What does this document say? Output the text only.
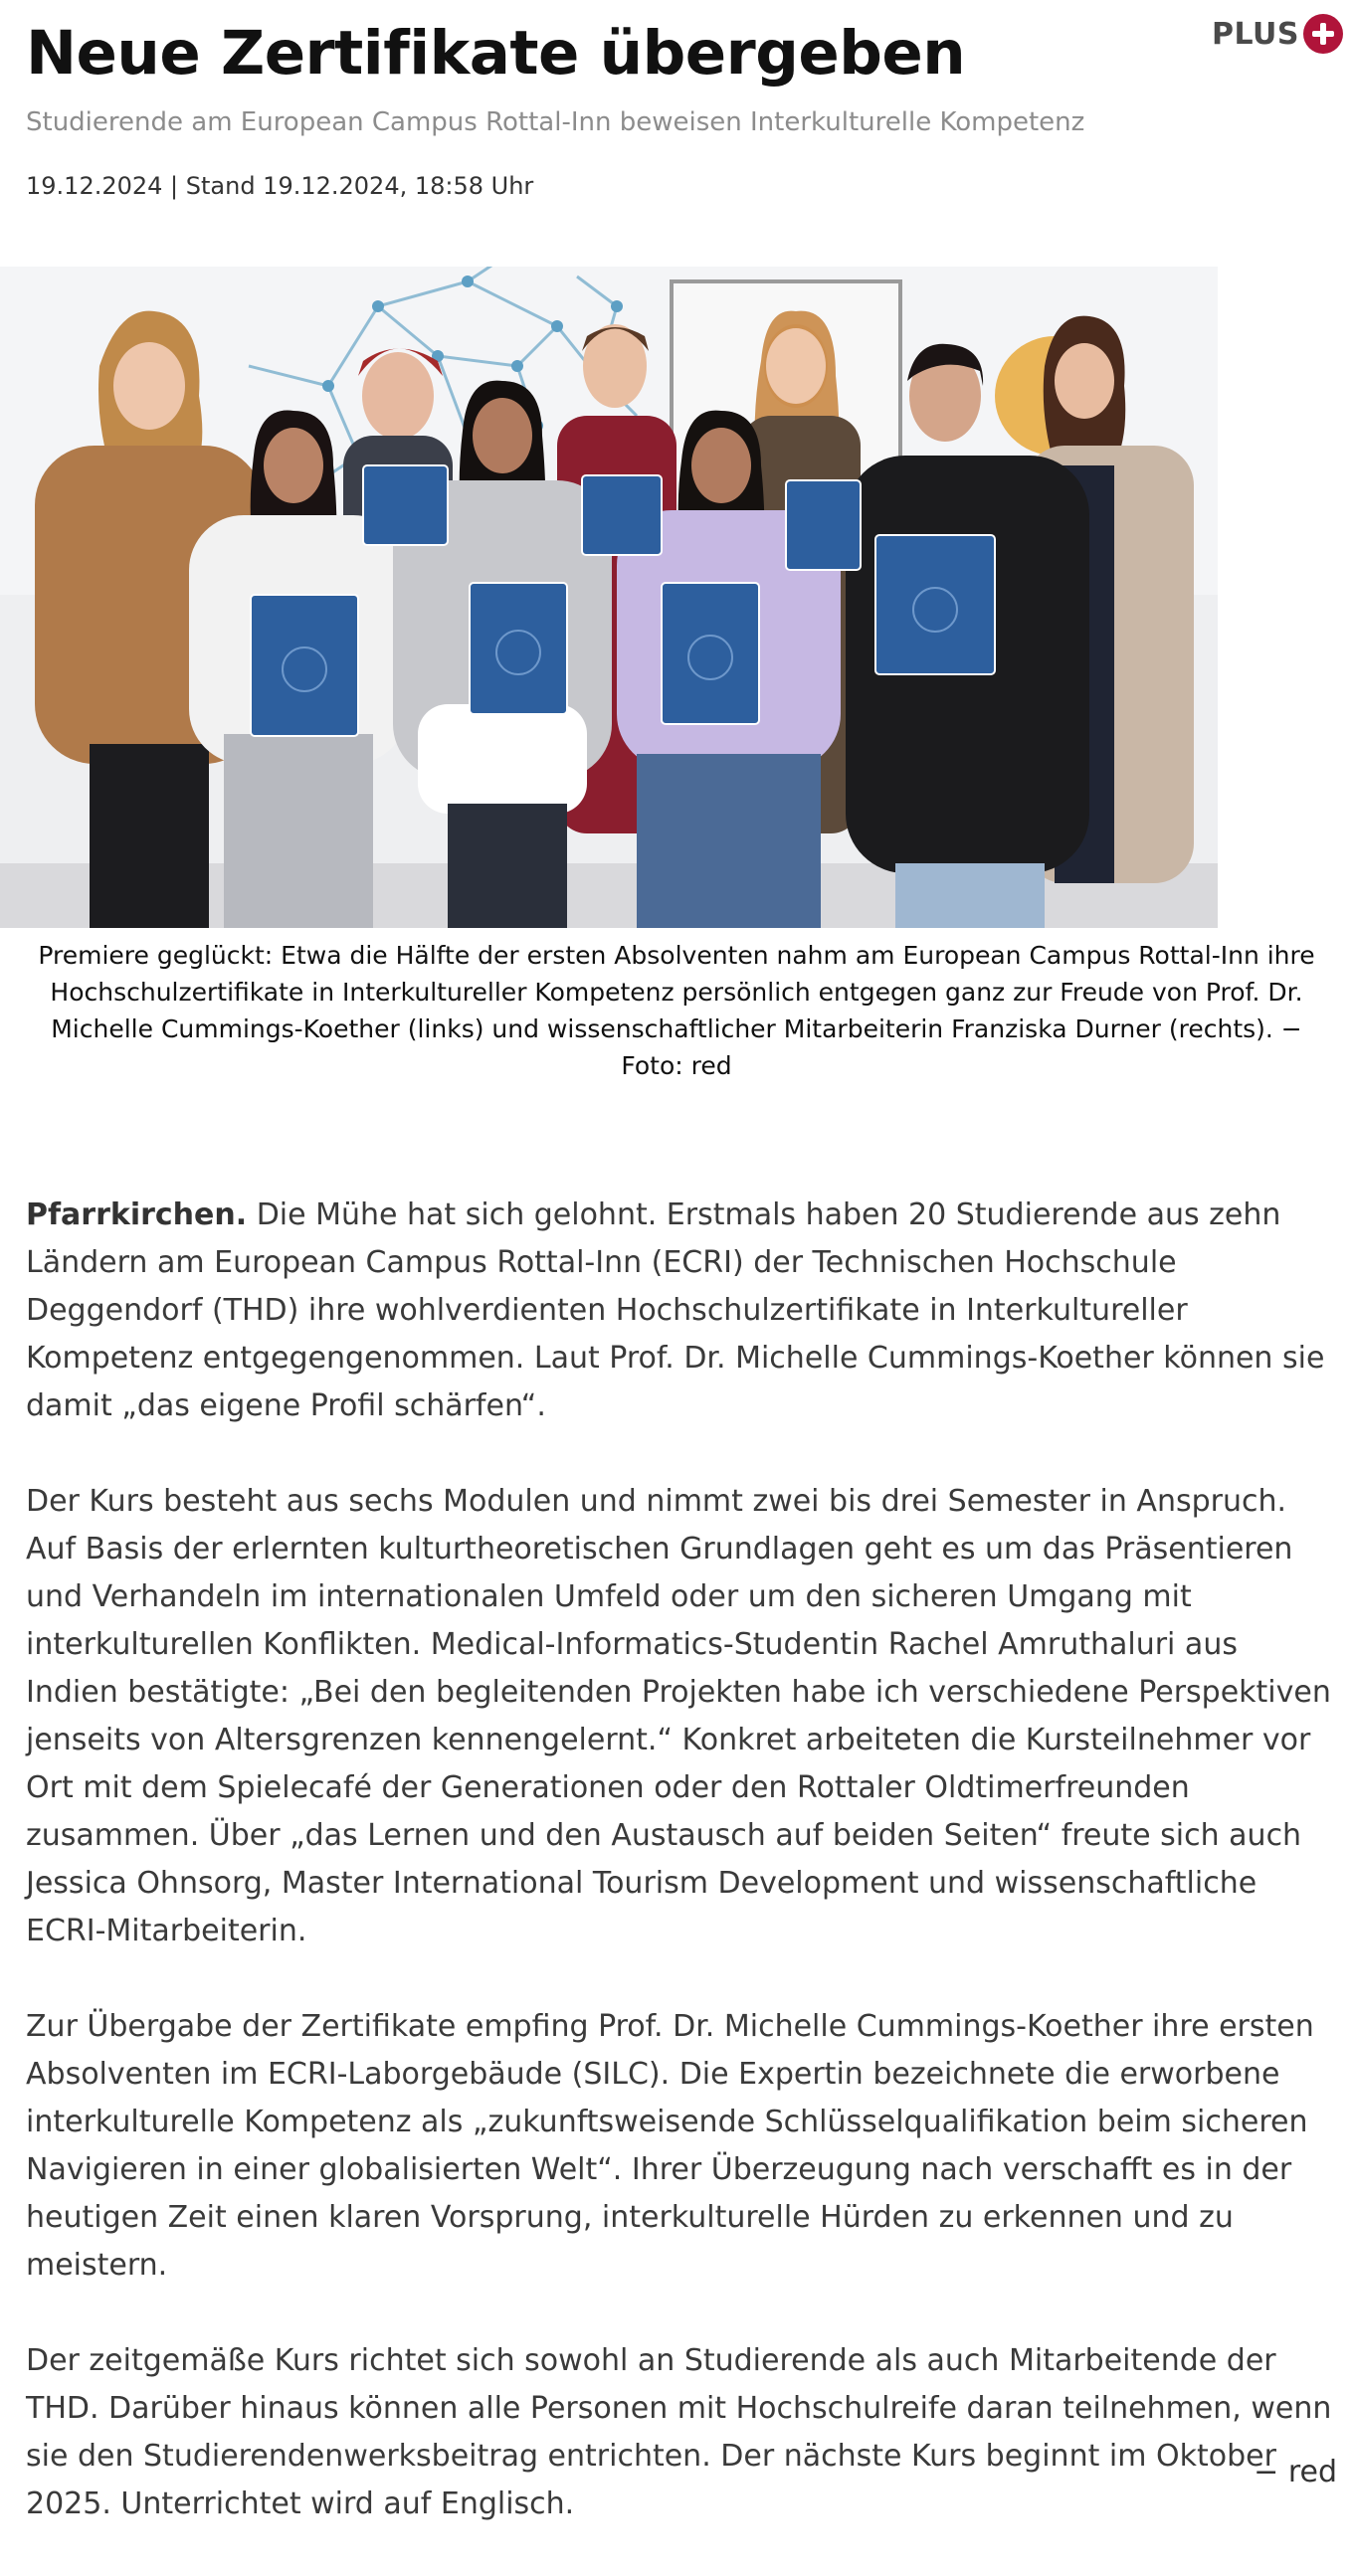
Neue Zertifikate übergeben	PLUS
Studierende am European Campus Rottal-Inn beweisen Interkulturelle Kompetenz
19.12.2024 | Stand 19.12.2024, 18:58 Uhr
Premiere geglückt: Etwa die Hälfte der ersten Absolventen nahm am European Campus Rottal-Inn ihre Hochschulzertifikate in Interkultureller Kompetenz persönlich entgegen ganz zur Freude von Prof. Dr. Michelle Cummings-Koether (links) und wissenschaftlicher Mitarbeiterin Franziska Durner (rechts). − Foto: red

Pfarrkirchen. Die Mühe hat sich gelohnt. Erstmals haben 20 Studierende aus zehn Ländern am European Campus Rottal-Inn (ECRI) der Technischen Hochschule Deggendorf (THD) ihre wohlverdienten Hochschulzertifikate in Interkultureller Kompetenz entgegengenommen. Laut Prof. Dr. Michelle Cummings-Koether können sie damit „das eigene Profil schärfen“.

Der Kurs besteht aus sechs Modulen und nimmt zwei bis drei Semester in Anspruch. Auf Basis der erlernten kulturtheoretischen Grundlagen geht es um das Präsentieren und Verhandeln im internationalen Umfeld oder um den sicheren Umgang mit interkulturellen Konflikten. Medical-Informatics-Studentin Rachel Amruthaluri aus Indien bestätigte: „Bei den begleitenden Projekten habe ich verschiedene Perspektiven jenseits von Altersgrenzen kennengelernt.“ Konkret arbeiteten die Kursteilnehmer vor Ort mit dem Spielecafé der Generationen oder den Rottaler Oldtimerfreunden zusammen. Über „das Lernen und den Austausch auf beiden Seiten“ freute sich auch Jessica Ohnsorg, Master International Tourism Development und wissenschaftliche ECRI-Mitarbeiterin.

Zur Übergabe der Zertifikate empfing Prof. Dr. Michelle Cummings-Koether ihre ersten Absolventen im ECRI-Laborgebäude (SILC). Die Expertin bezeichnete die erworbene interkulturelle Kompetenz als „zukunftsweisende Schlüsselqualifikation beim sicheren Navigieren in einer globalisierten Welt“. Ihrer Überzeugung nach verschafft es in der heutigen Zeit einen klaren Vorsprung, interkulturelle Hürden zu erkennen und zu meistern.

Der zeitgemäße Kurs richtet sich sowohl an Studierende als auch Mitarbeitende der THD. Darüber hinaus können alle Personen mit Hochschulreife daran teilnehmen, wenn sie den Studierendenwerksbeitrag entrichten. Der nächste Kurs beginnt im Oktober 2025. Unterrichtet wird auf Englisch.

− red
